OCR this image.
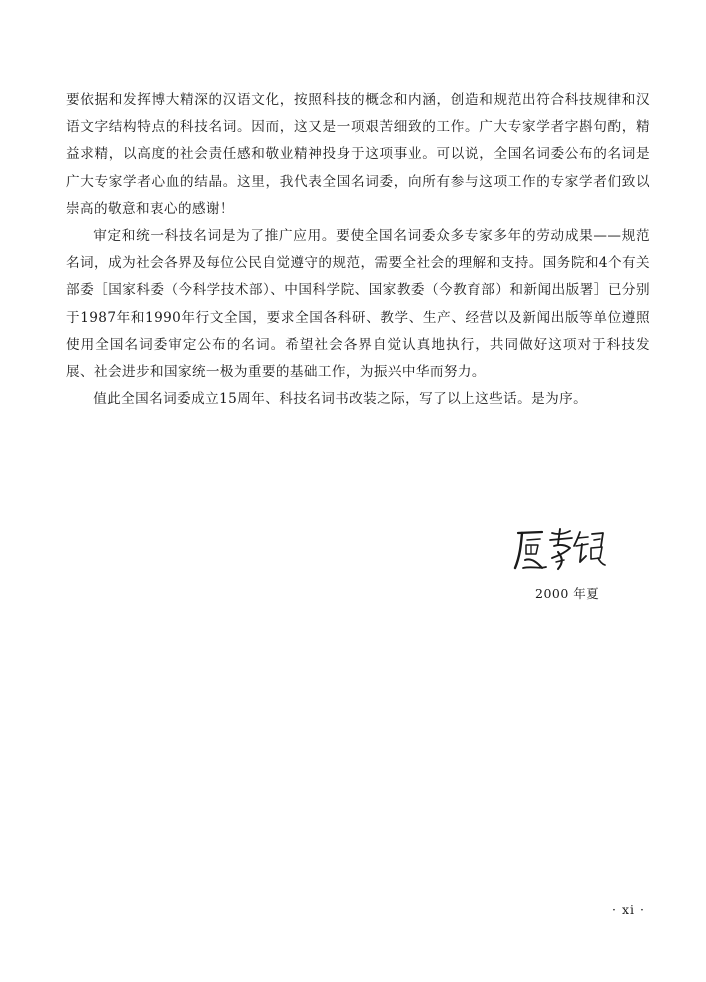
要依据和发挥博大精深的汉语文化，按照科技的概念和内涵，创造和规范出符合科技规律和汉语文字结构特点的科技名词。因而，这又是一项艰苦细致的工作。广大专家学者字斟句酌，精益求精，以高度的社会责任感和敬业精神投身于这项事业。可以说，全国名词委公布的名词是广大专家学者心血的结晶。这里，我代表全国名词委，向所有参与这项工作的专家学者们致以崇高的敬意和衷心的感谢！

审定和统一科技名词是为了推广应用。要使全国名词委众多专家多年的劳动成果——规范名词，成为社会各界及每位公民自觉遵守的规范，需要全社会的理解和支持。国务院和4个有关部委［国家科委（今科学技术部）、中国科学院、国家教委（今教育部）和新闻出版署］已分别于1987年和1990年行文全国，要求全国各科研、教学、生产、经营以及新闻出版等单位遵照使用全国名词委审定公布的名词。希望社会各界自觉认真地执行，共同做好这项对于科技发展、社会进步和国家统一极为重要的基础工作，为振兴中华而努力。

值此全国名词委成立15周年、科技名词书改装之际，写了以上这些话。是为序。

2000 年夏
· xi ·
